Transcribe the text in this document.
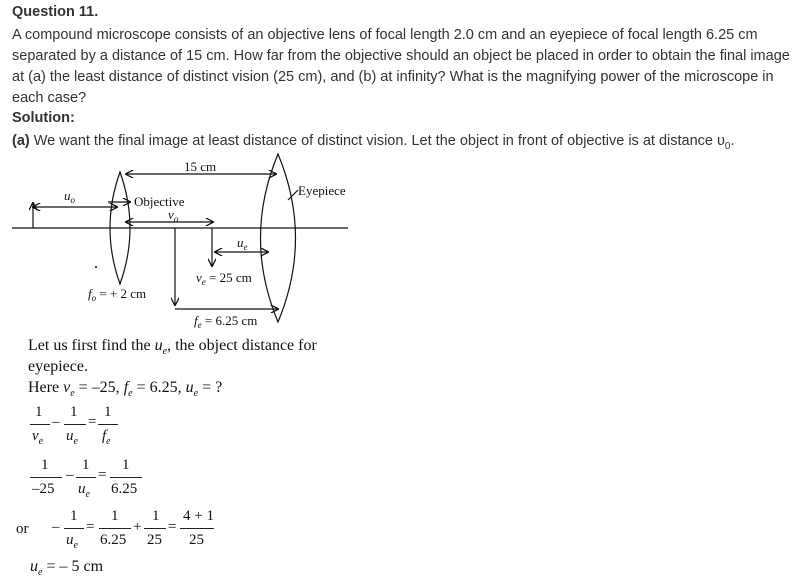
Question 11.

A compound microscope consists of an objective lens of focal length 2.0 cm and an eyepiece of focal length 6.25 cm separated by a distance of 15 cm. How far from the objective should an object be placed in order to obtain the final image at (a) the least distance of distinct vision (25 cm), and (b) at infinity? What is the magnifying power of the microscope in each case?

Solution:

(a) We want the final image at least distance of distinct vision. Let the object in front of objective is at distance $\upsilon_0$.

15 cm
Eyepiece
Objective
$u_o$
$v_o$
$u_e$
$v_e = 25$ cm
$f_o$ = + 2 cm
$f_e = 6.25$ cm
Let us first find the $u_e$, the object distance for
eyepiece.
Here $v_e = -25$, $f_e = 6.25$, $u_e$ = ?
1
$v_e$
–
1
$u_e$
=
1
$f_e$
1
–25
–
1
$u_e$
=
1
6.25
or –
1
$u_e$
=
1
6.25
+
1
25
=
4 + 1
25
$u_e$ = – 5 cm
